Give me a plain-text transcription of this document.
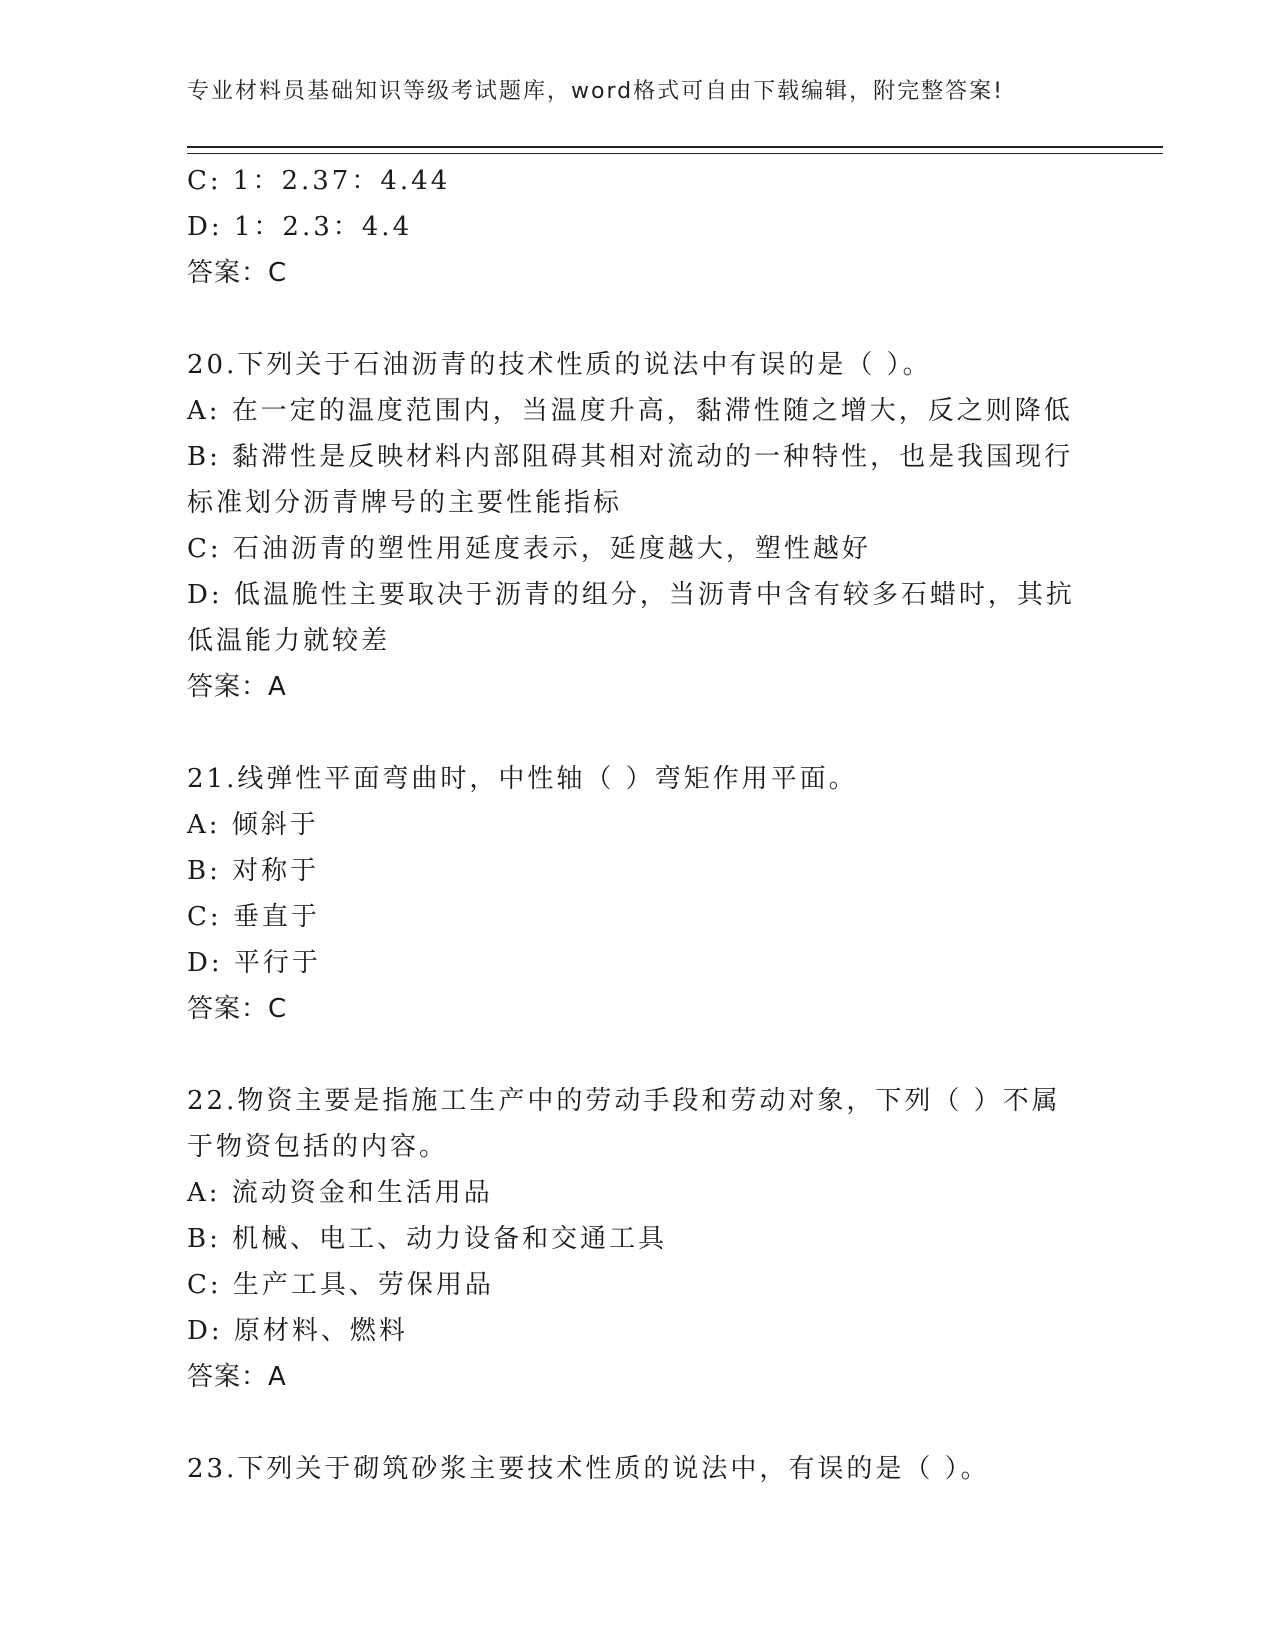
专业材料员基础知识等级考试题库，word格式可自由下载编辑，附完整答案!
C: 1：2.37：4.44
D: 1：2.3：4.4
答案：C
20.下列关于石油沥青的技术性质的说法中有误的是（ ）。
A: 在一定的温度范围内，当温度升高，黏滞性随之增大，反之则降低
B: 黏滞性是反映材料内部阻碍其相对流动的一种特性，也是我国现行
标准划分沥青牌号的主要性能指标
C: 石油沥青的塑性用延度表示，延度越大，塑性越好
D: 低温脆性主要取决于沥青的组分，当沥青中含有较多石蜡时，其抗
低温能力就较差
答案：A
21.线弹性平面弯曲时，中性轴（ ）弯矩作用平面。
A: 倾斜于
B: 对称于
C: 垂直于
D: 平行于
答案：C
22.物资主要是指施工生产中的劳动手段和劳动对象，下列（ ）不属
于物资包括的内容。
A: 流动资金和生活用品
B: 机械、电工、动力设备和交通工具
C: 生产工具、劳保用品
D: 原材料、燃料
答案：A
23.下列关于砌筑砂浆主要技术性质的说法中，有误的是（ ）。
